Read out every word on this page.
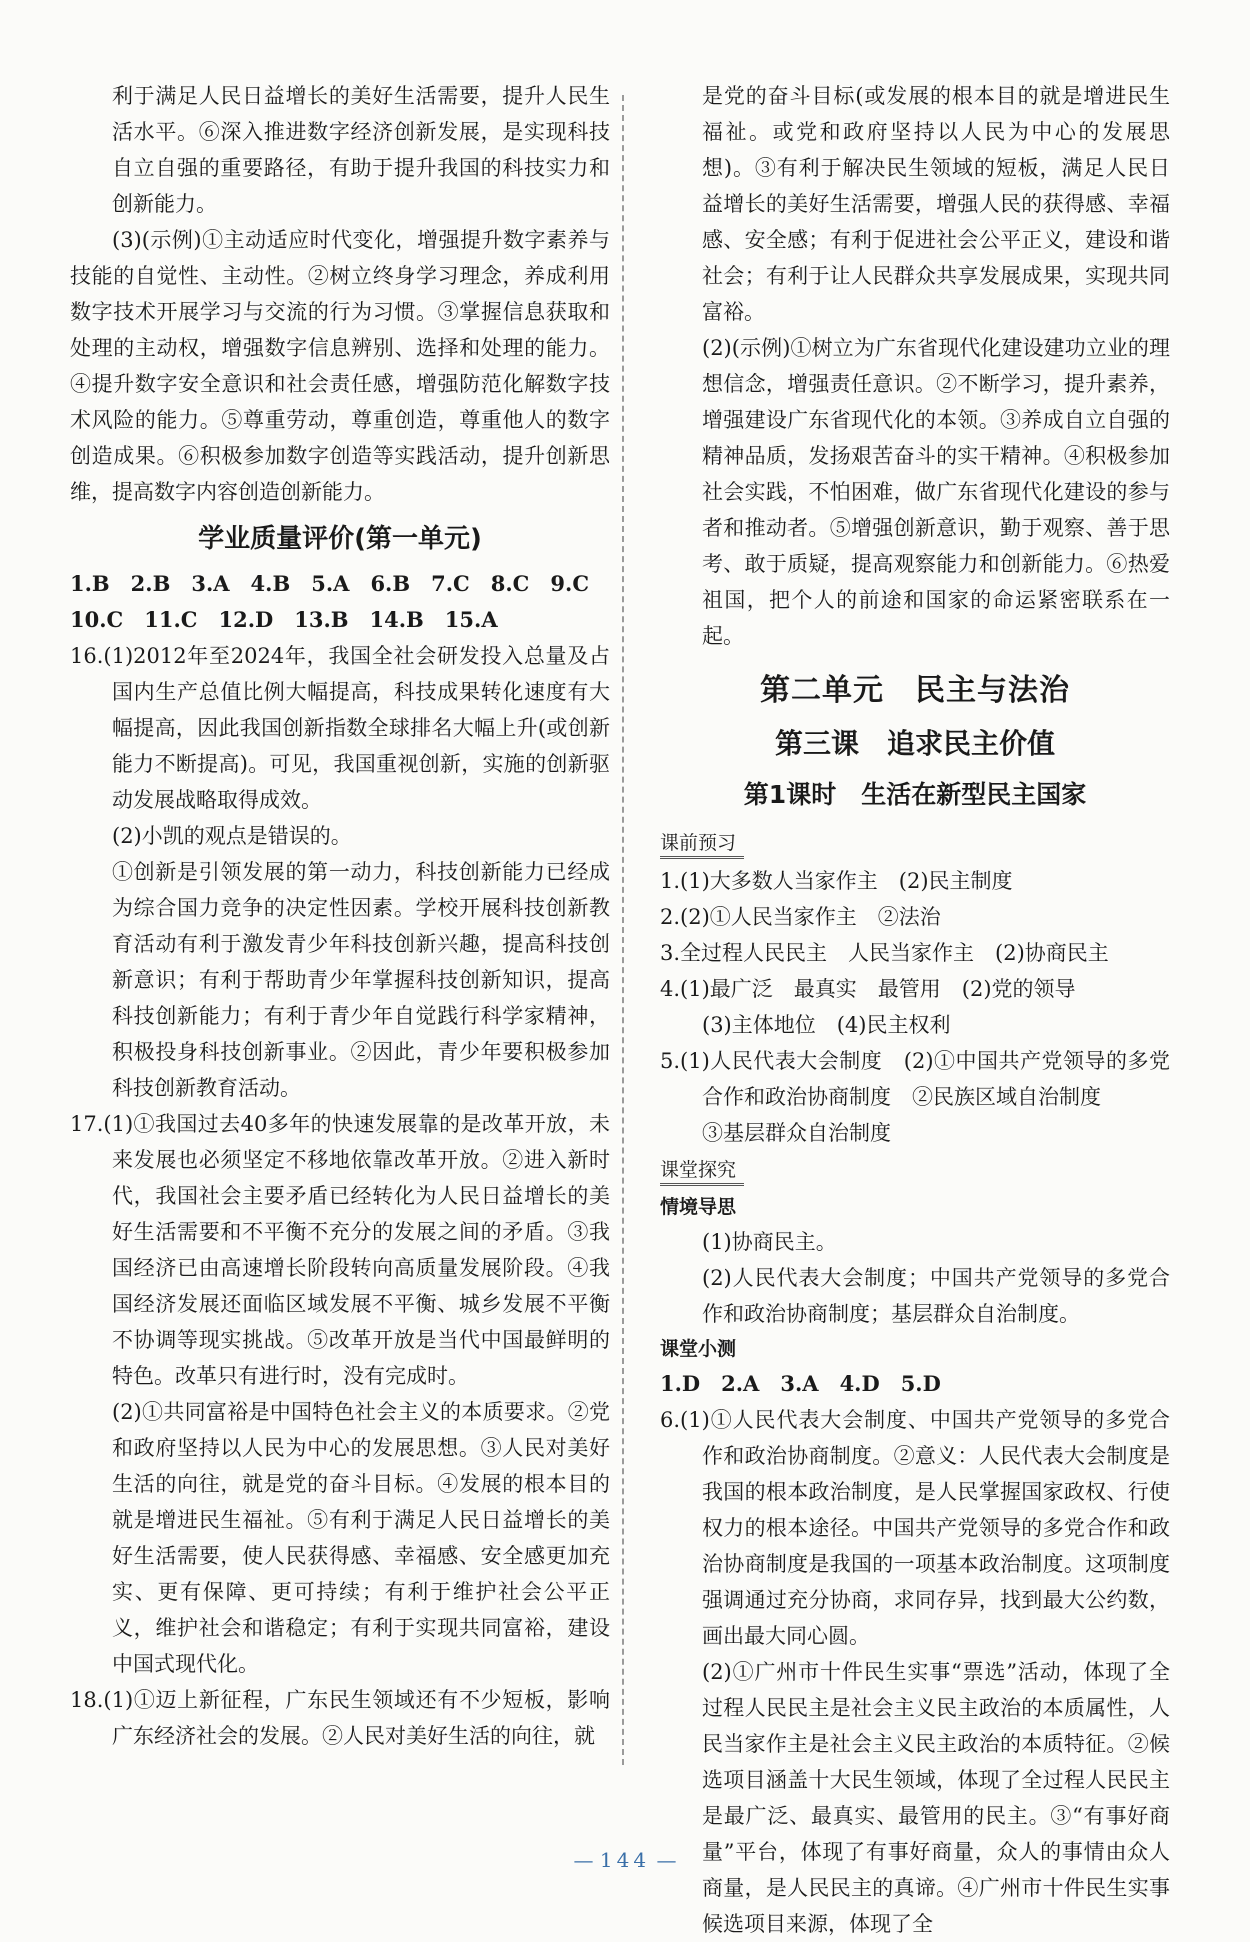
利于满足人民日益增长的美好生活需要，提升人民生活水平。⑥深入推进数字经济创新发展，是实现科技自立自强的重要路径，有助于提升我国的科技实力和创新能力。

(3)(示例)①主动适应时代变化，增强提升数字素养与技能的自觉性、主动性。②树立终身学习理念，养成利用数字技术开展学习与交流的行为习惯。③掌握信息获取和处理的主动权，增强数字信息辨别、选择和处理的能力。④提升数字安全意识和社会责任感，增强防范化解数字技术风险的能力。⑤尊重劳动，尊重创造，尊重他人的数字创造成果。⑥积极参加数字创造等实践活动，提升创新思维，提高数字内容创造创新能力。

学业质量评价(第一单元)

1.B　2.B　3.A　4.B　5.A　6.B　7.C　8.C　9.C

10.C　11.C　12.D　13.B　14.B　15.A

16.(1)2012年至2024年，我国全社会研发投入总量及占国内生产总值比例大幅提高，科技成果转化速度有大幅提高，因此我国创新指数全球排名大幅上升(或创新能力不断提高)。可见，我国重视创新，实施的创新驱动发展战略取得成效。

(2)小凯的观点是错误的。

①创新是引领发展的第一动力，科技创新能力已经成为综合国力竞争的决定性因素。学校开展科技创新教育活动有利于激发青少年科技创新兴趣，提高科技创新意识；有利于帮助青少年掌握科技创新知识，提高科技创新能力；有利于青少年自觉践行科学家精神，积极投身科技创新事业。②因此，青少年要积极参加科技创新教育活动。

17.(1)①我国过去40多年的快速发展靠的是改革开放，未来发展也必须坚定不移地依靠改革开放。②进入新时代，我国社会主要矛盾已经转化为人民日益增长的美好生活需要和不平衡不充分的发展之间的矛盾。③我国经济已由高速增长阶段转向高质量发展阶段。④我国经济发展还面临区域发展不平衡、城乡发展不平衡不协调等现实挑战。⑤改革开放是当代中国最鲜明的特色。改革只有进行时，没有完成时。

(2)①共同富裕是中国特色社会主义的本质要求。②党和政府坚持以人民为中心的发展思想。③人民对美好生活的向往，就是党的奋斗目标。④发展的根本目的就是增进民生福祉。⑤有利于满足人民日益增长的美好生活需要，使人民获得感、幸福感、安全感更加充实、更有保障、更可持续；有利于维护社会公平正义，维护社会和谐稳定；有利于实现共同富裕，建设中国式现代化。

18.(1)①迈上新征程，广东民生领域还有不少短板，影响广东经济社会的发展。②人民对美好生活的向往，就

是党的奋斗目标(或发展的根本目的就是增进民生福祉。或党和政府坚持以人民为中心的发展思想)。③有利于解决民生领域的短板，满足人民日益增长的美好生活需要，增强人民的获得感、幸福感、安全感；有利于促进社会公平正义，建设和谐社会；有利于让人民群众共享发展成果，实现共同富裕。

(2)(示例)①树立为广东省现代化建设建功立业的理想信念，增强责任意识。②不断学习，提升素养，增强建设广东省现代化的本领。③养成自立自强的精神品质，发扬艰苦奋斗的实干精神。④积极参加社会实践，不怕困难，做广东省现代化建设的参与者和推动者。⑤增强创新意识，勤于观察、善于思考、敢于质疑，提高观察能力和创新能力。⑥热爱祖国，把个人的前途和国家的命运紧密联系在一起。

第二单元　民主与法治
第三课　追求民主价值
第1课时　生活在新型民主国家
课前预习

1.(1)大多数人当家作主　(2)民主制度

2.(2)①人民当家作主　②法治

3.全过程人民民主　人民当家作主　(2)协商民主

4.(1)最广泛　最真实　最管用　(2)党的领导

(3)主体地位　(4)民主权利

5.(1)人民代表大会制度　(2)①中国共产党领导的多党合作和政治协商制度　②民族区域自治制度

③基层群众自治制度

课堂探究
情境导思

(1)协商民主。

(2)人民代表大会制度；中国共产党领导的多党合作和政治协商制度；基层群众自治制度。

课堂小测

1.D　2.A　3.A　4.D　5.D

6.(1)①人民代表大会制度、中国共产党领导的多党合作和政治协商制度。②意义：人民代表大会制度是我国的根本政治制度，是人民掌握国家政权、行使权力的根本途径。中国共产党领导的多党合作和政治协商制度是我国的一项基本政治制度。这项制度强调通过充分协商，求同存异，找到最大公约数，画出最大同心圆。

(2)①广州市十件民生实事“票选”活动，体现了全过程人民民主是社会主义民主政治的本质属性，人民当家作主是社会主义民主政治的本质特征。②候选项目涵盖十大民生领域，体现了全过程人民民主是最广泛、最真实、最管用的民主。③“有事好商量”平台，体现了有事好商量，众人的事情由众人商量，是人民民主的真谛。④广州市十件民生实事候选项目来源，体现了全

— 144 —
